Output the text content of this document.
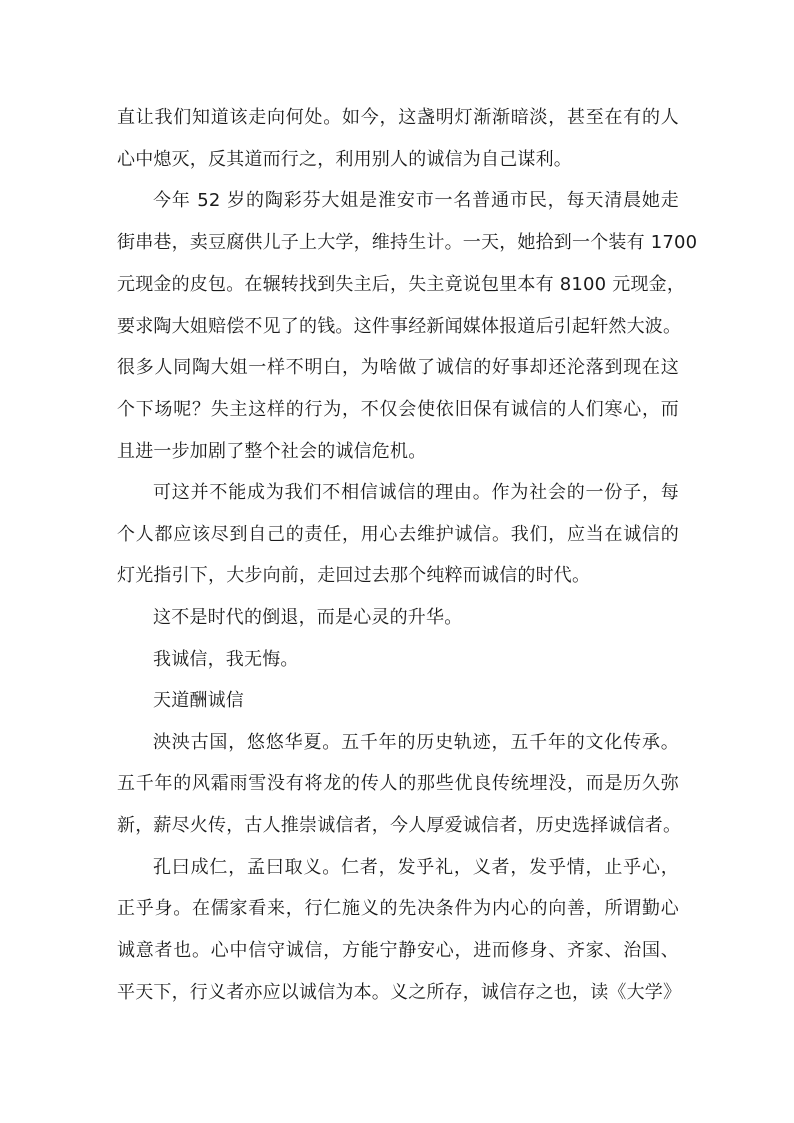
直让我们知道该走向何处。如今，这盏明灯渐渐暗淡，甚至在有的人
心中熄灭，反其道而行之，利用别人的诚信为自己谋利。
今年 52 岁的陶彩芬大姐是淮安市一名普通市民，每天清晨她走
街串巷，卖豆腐供儿子上大学，维持生计。一天，她拾到一个装有 1700
元现金的皮包。在辗转找到失主后，失主竟说包里本有 8100 元现金，
要求陶大姐赔偿不见了的钱。这件事经新闻媒体报道后引起轩然大波。
很多人同陶大姐一样不明白，为啥做了诚信的好事却还沦落到现在这
个下场呢？失主这样的行为，不仅会使依旧保有诚信的人们寒心，而
且进一步加剧了整个社会的诚信危机。
可这并不能成为我们不相信诚信的理由。作为社会的一份子，每
个人都应该尽到自己的责任，用心去维护诚信。我们，应当在诚信的
灯光指引下，大步向前，走回过去那个纯粹而诚信的时代。
这不是时代的倒退，而是心灵的升华。
我诚信，我无悔。
天道酬诚信
泱泱古国，悠悠华夏。五千年的历史轨迹，五千年的文化传承。
五千年的风霜雨雪没有将龙的传人的那些优良传统埋没，而是历久弥
新，薪尽火传，古人推崇诚信者，今人厚爱诚信者，历史选择诚信者。
孔曰成仁，孟曰取义。仁者，发乎礼，义者，发乎情，止乎心，
正乎身。在儒家看来，行仁施义的先决条件为内心的向善，所谓勤心
诚意者也。心中信守诚信，方能宁静安心，进而修身、齐家、治国、
平天下，行义者亦应以诚信为本。义之所存，诚信存之也，读《大学》
